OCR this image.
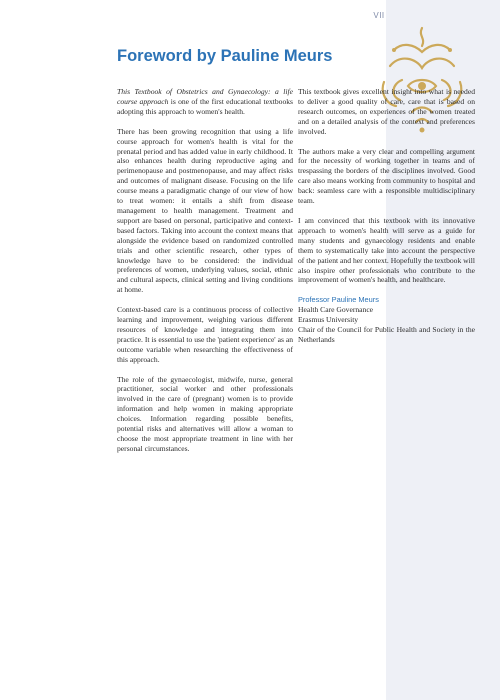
VII
Foreword by Pauline Meurs

This Textbook of Obstetrics and Gynaecology: a life course approach is one of the first educational textbooks adopting this approach to women's health.

There has been growing recognition that using a life course approach for women's health is vital for the prenatal period and has added value in early childhood. It also enhances health during reproductive aging and perimenopause and postmenopause, and may affect risks and outcomes of malignant disease. Focusing on the life course means a paradigmatic change of our view of how to treat women: it entails a shift from disease management to health management. Treatment and support are based on personal, participative and context-based factors. Taking into account the context means that alongside the evidence based on randomized controlled trials and other scientific research, other types of knowledge have to be considered: the individual preferences of women, underlying values, social, ethnic and cultural aspects, clinical setting and living conditions at home.

Context-based care is a continuous process of collective learning and improvement, weighing various different resources of knowledge and integrating them into practice. It is essential to use the 'patient experience' as an outcome variable when researching the effectiveness of this approach.

The role of the gynaecologist, midwife, nurse, general practitioner, social worker and other professionals involved in the care of (pregnant) women is to provide information and help women in making appropriate choices. Information regarding possible benefits, potential risks and alternatives will allow a woman to choose the most appropriate treatment in line with her personal circumstances.

This textbook gives excellent insight into what is needed to deliver a good quality of care, care that is based on research outcomes, on experiences of the women treated and on a detailed analysis of the context and preferences involved.

The authors make a very clear and compelling argument for the necessity of working together in teams and of trespassing the borders of the disciplines involved. Good care also means working from community to hospital and back: seamless care with a responsible multidisciplinary team.

I am convinced that this textbook with its innovative approach to women's health will serve as a guide for many students and gynaecology residents and enable them to systematically take into account the perspective of the patient and her context. Hopefully the textbook will also inspire other professionals who contribute to the improvement of women's health, and healthcare.

Professor Pauline Meurs
Health Care Governance
Erasmus University
Chair of the Council for Public Health and Society in the Netherlands
